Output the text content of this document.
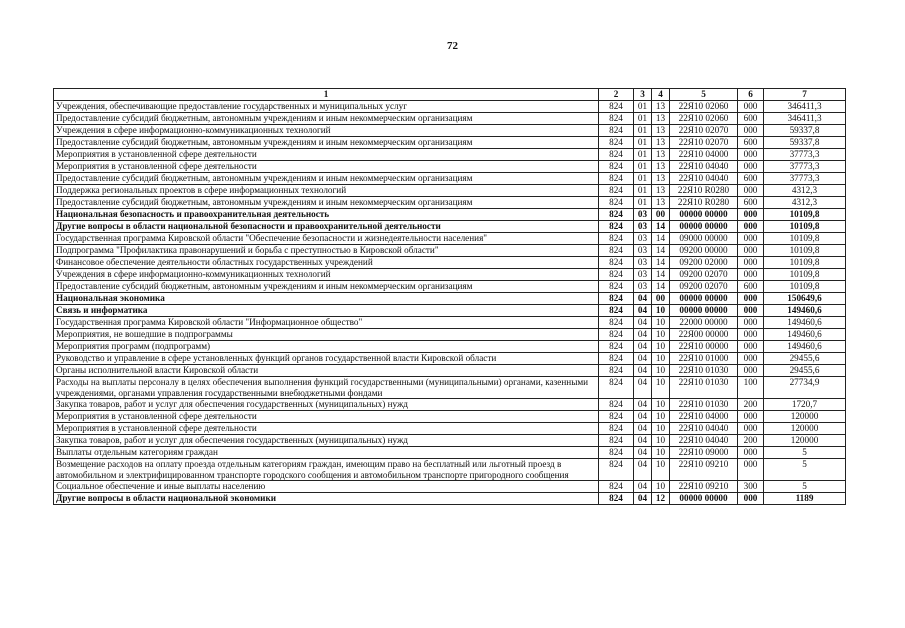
72
1	2	3	4	5	6	7
Учреждения, обеспечивающие предоставление государственных и муниципальных услуг	824	01	13	22Я10 02060	000	346411,3
Предоставление субсидий бюджетным, автономным учреждениям и иным некоммерческим организациям	824	01	13	22Я10 02060	600	346411,3
Учреждения в сфере информационно-коммуникационных технологий	824	01	13	22Я10 02070	000	59337,8
Предоставление субсидий бюджетным, автономным учреждениям и иным некоммерческим организациям	824	01	13	22Я10 02070	600	59337,8
Мероприятия в установленной сфере деятельности	824	01	13	22Я10 04000	000	37773,3
Мероприятия в установленной сфере деятельности	824	01	13	22Я10 04040	000	37773,3
Предоставление субсидий бюджетным, автономным учреждениям и иным некоммерческим организациям	824	01	13	22Я10 04040	600	37773,3
Поддержка региональных проектов в сфере информационных технологий	824	01	13	22Я10 R0280	000	4312,3
Предоставление субсидий бюджетным, автономным учреждениям и иным некоммерческим организациям	824	01	13	22Я10 R0280	600	4312,3
Национальная безопасность и правоохранительная деятельность	824	03	00	00000 00000	000	10109,8
Другие вопросы в области национальной безопасности и правоохранительной деятельности	824	03	14	00000 00000	000	10109,8
Государственная программа Кировской области "Обеспечение безопасности и жизнедеятельности населения"	824	03	14	09000 00000	000	10109,8
Подпрограмма "Профилактика правонарушений и борьба с преступностью в Кировской области"	824	03	14	09200 00000	000	10109,8
Финансовое обеспечение деятельности областных государственных учреждений	824	03	14	09200 02000	000	10109,8
Учреждения в сфере информационно-коммуникационных технологий	824	03	14	09200 02070	000	10109,8
Предоставление субсидий бюджетным, автономным учреждениям и иным некоммерческим организациям	824	03	14	09200 02070	600	10109,8
Национальная экономика	824	04	00	00000 00000	000	150649,6
Связь и информатика	824	04	10	00000 00000	000	149460,6
Государственная программа Кировской области "Информационное общество"	824	04	10	22000 00000	000	149460,6
Мероприятия, не вошедшие в подпрограммы	824	04	10	22Я00 00000	000	149460,6
Мероприятия программ (подпрограмм)	824	04	10	22Я10 00000	000	149460,6
Руководство и управление в сфере установленных функций органов государственной власти Кировской области	824	04	10	22Я10 01000	000	29455,6
Органы исполнительной власти Кировской области	824	04	10	22Я10 01030	000	29455,6
Расходы на выплаты персоналу в целях обеспечения выполнения функций государственными (муниципальными) органами, казенными учреждениями, органами управления государственными внебюджетными фондами	824	04	10	22Я10 01030	100	27734,9
Закупка товаров, работ и услуг для обеспечения государственных (муниципальных) нужд	824	04	10	22Я10 01030	200	1720,7
Мероприятия в установленной сфере деятельности	824	04	10	22Я10 04000	000	120000
Мероприятия в установленной сфере деятельности	824	04	10	22Я10 04040	000	120000
Закупка товаров, работ и услуг для обеспечения государственных (муниципальных) нужд	824	04	10	22Я10 04040	200	120000
Выплаты отдельным категориям граждан	824	04	10	22Я10 09000	000	5
Возмещение расходов на оплату проезда отдельным категориям граждан, имеющим право на бесплатный или льготный проезд в автомобильном и электрифицированном транспорте городского сообщения и автомобильном транспорте пригородного сообщения	824	04	10	22Я10 09210	000	5
Социальное обеспечение и иные выплаты населению	824	04	10	22Я10 09210	300	5
Другие вопросы в области национальной экономики	824	04	12	00000 00000	000	1189
